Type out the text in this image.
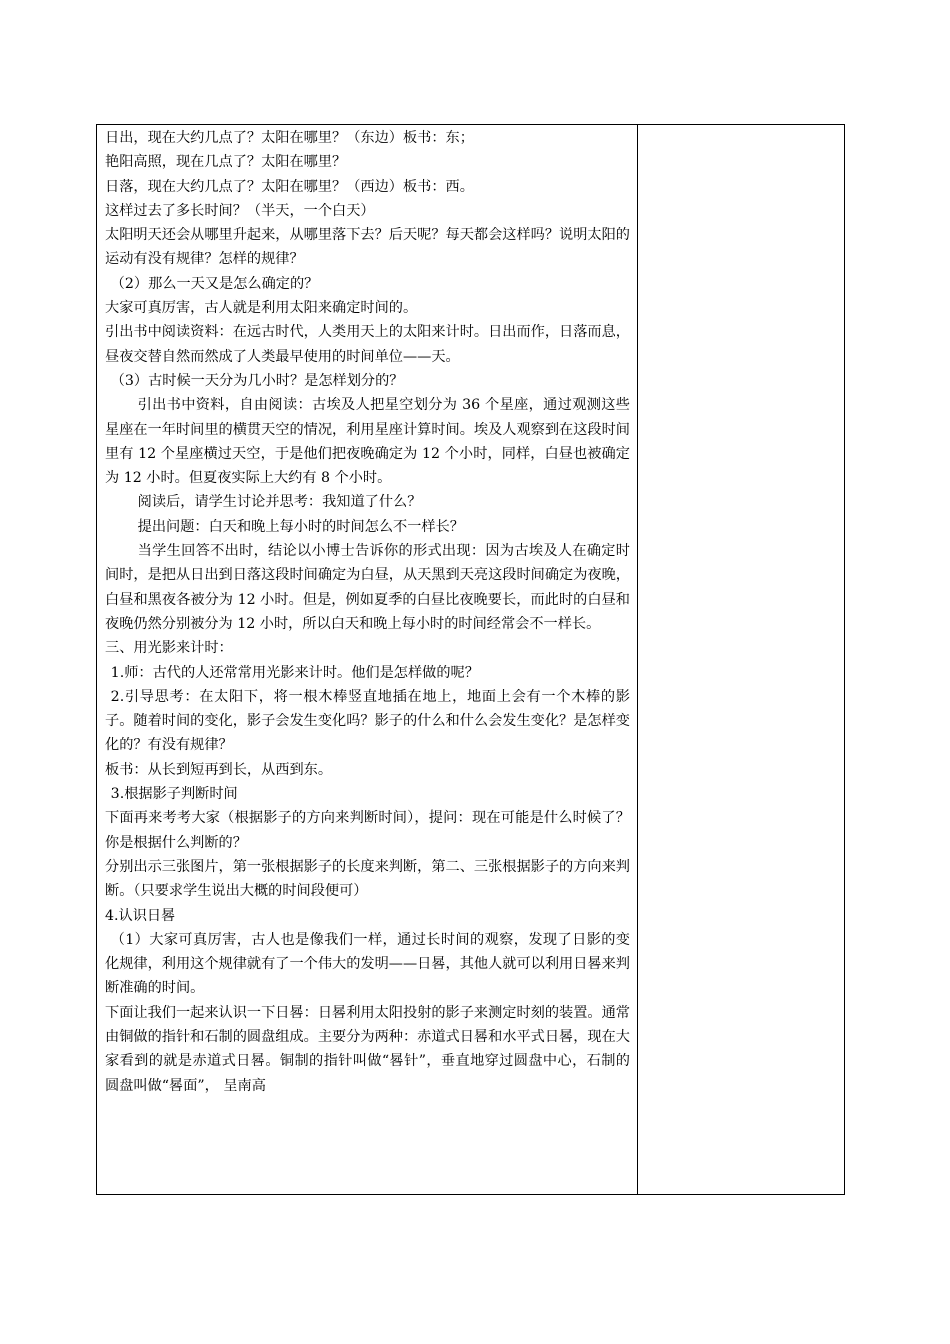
日出，现在大约几点了？太阳在哪里？（东边）板书：东；

艳阳高照，现在几点了？太阳在哪里？

日落，现在大约几点了？太阳在哪里？（西边）板书：西。

这样过去了多长时间？（半天，一个白天）

太阳明天还会从哪里升起来，从哪里落下去？后天呢？每天都会这样吗？说明太阳的运动有没有规律？怎样的规律？

（2）那么一天又是怎么确定的？

大家可真厉害，古人就是利用太阳来确定时间的。

引出书中阅读资料：在远古时代，人类用天上的太阳来计时。日出而作，日落而息，昼夜交替自然而然成了人类最早使用的时间单位——天。

（3）古时候一天分为几小时？是怎样划分的？

引出书中资料，自由阅读：古埃及人把星空划分为 36 个星座，通过观测这些星座在一年时间里的横贯天空的情况，利用星座计算时间。埃及人观察到在这段时间里有 12 个星座横过天空，于是他们把夜晚确定为 12 个小时，同样，白昼也被确定为 12 小时。但夏夜实际上大约有 8 个小时。

阅读后，请学生讨论并思考：我知道了什么？

提出问题：白天和晚上每小时的时间怎么不一样长？

当学生回答不出时，结论以小博士告诉你的形式出现：因为古埃及人在确定时间时，是把从日出到日落这段时间确定为白昼，从天黑到天亮这段时间确定为夜晚，白昼和黑夜各被分为 12 小时。但是，例如夏季的白昼比夜晚要长，而此时的白昼和夜晚仍然分别被分为 12 小时，所以白天和晚上每小时的时间经常会不一样长。

三、用光影来计时：

1.师：古代的人还常常用光影来计时。他们是怎样做的呢？

2.引导思考：在太阳下，将一根木棒竖直地插在地上，地面上会有一个木棒的影子。随着时间的变化，影子会发生变化吗？影子的什么和什么会发生变化？是怎样变化的？有没有规律？

板书：从长到短再到长，从西到东。

3.根据影子判断时间

下面再来考考大家（根据影子的方向来判断时间），提问：现在可能是什么时候了？你是根据什么判断的？

分别出示三张图片，第一张根据影子的长度来判断，第二、三张根据影子的方向来判断。（只要求学生说出大概的时间段便可）

4.认识日晷

（1）大家可真厉害，古人也是像我们一样，通过长时间的观察，发现了日影的变化规律，利用这个规律就有了一个伟大的发明——日晷，其他人就可以利用日晷来判断准确的时间。

下面让我们一起来认识一下日晷：日晷利用太阳投射的影子来测定时刻的装置。通常由铜做的指针和石制的圆盘组成。主要分为两种：赤道式日晷和水平式日晷，现在大家看到的就是赤道式日晷。铜制的指针叫做“晷针”，垂直地穿过圆盘中心，石制的圆盘叫做“晷面”， 呈南高
